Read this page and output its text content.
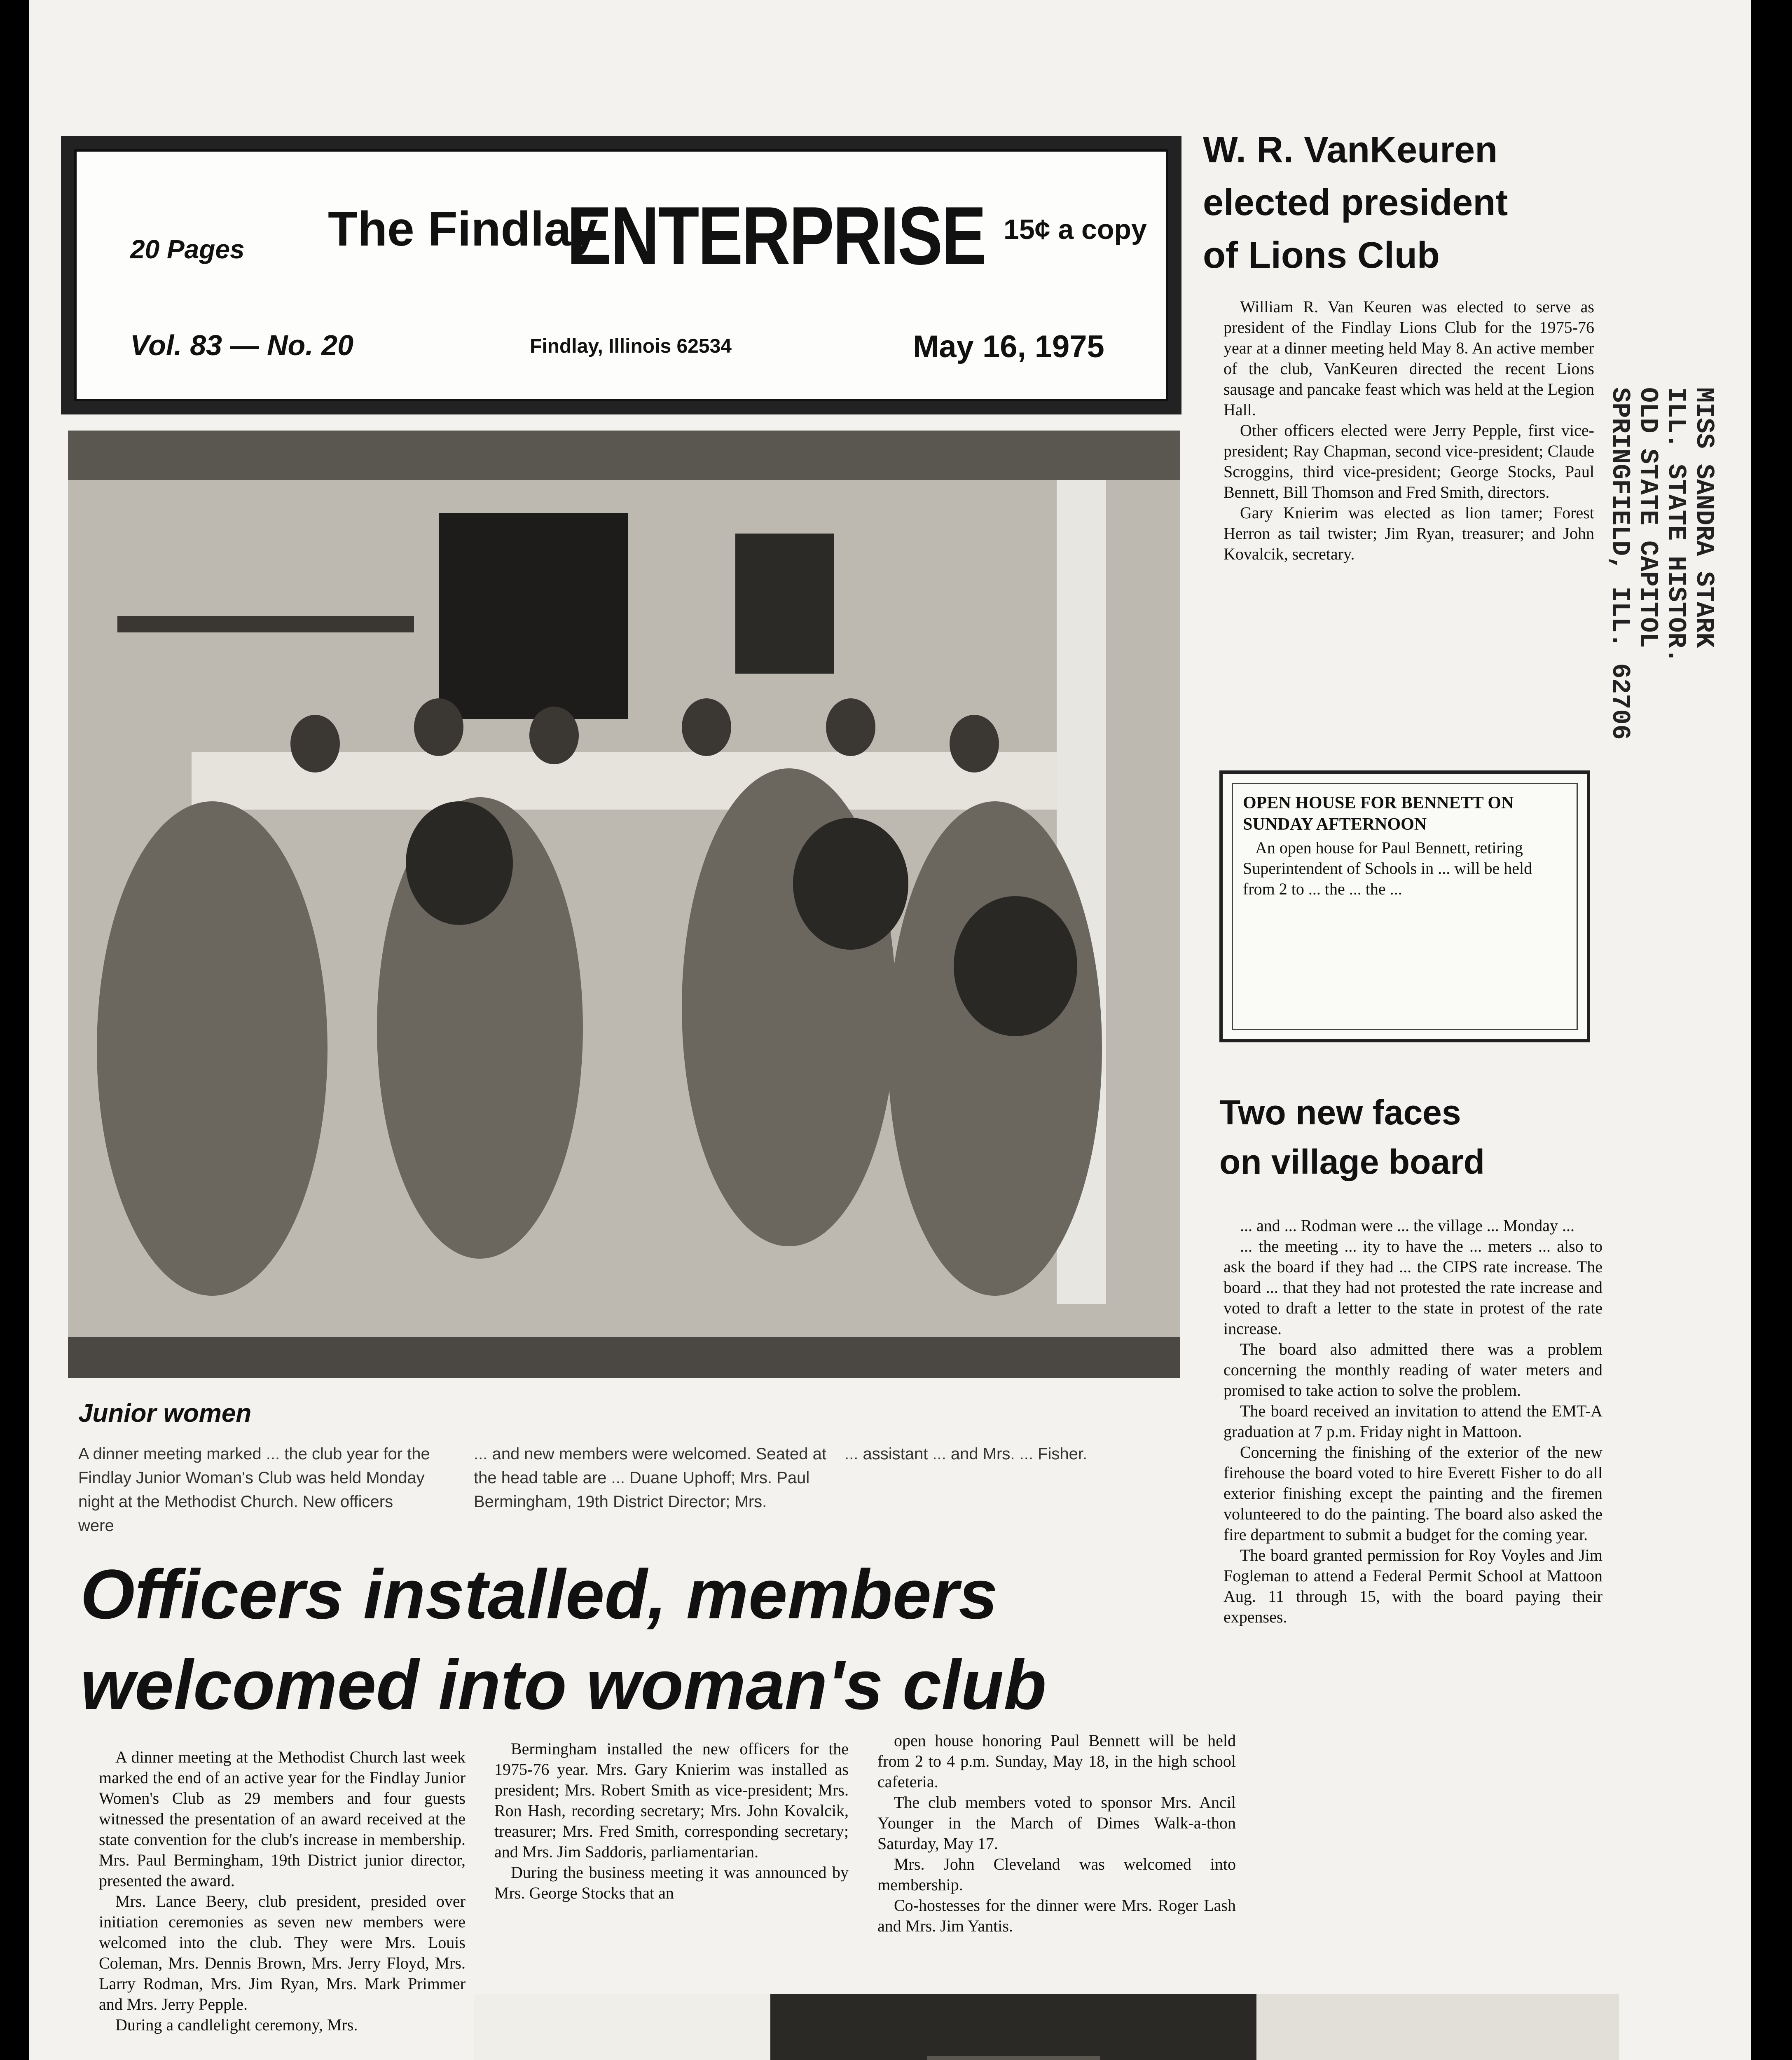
20 Pages The Findlay
ENTERPRISE 15¢ a copy
Vol. 83 — No. 20	Findlay, Illinois 62534	May 16, 1975
W. R. VanKeuren
elected president
of Lions Club

William R. Van Keuren was elected to serve as president of the Findlay Lions Club for the 1975-76 year at a dinner meeting held May 8. An active member of the club, VanKeuren directed the recent Lions sausage and pancake feast which was held at the Legion Hall.

Other officers elected were Jerry Pepple, first vice-president; Ray Chapman, second vice-president; Claude Scroggins, third vice-president; George Stocks, Paul Bennett, Bill Thomson and Fred Smith, directors.

Gary Knierim was elected as lion tamer; Forest Herron as tail twister; Jim Ryan, treasurer; and John Kovalcik, secretary.	MISS SANDRA STARK
ILL. STATE HISTOR.
OLD STATE CAPITOL
SPRINGFIELD, ILL. 62706
Junior women
A dinner meeting marked ... the club year for the Findlay Junior Woman's Club was held Monday night at the Methodist Church. New officers were
... and new members were welcomed. Seated at the head table are ... Duane Uphoff; Mrs. Paul Bermingham, 19th District Director; Mrs.
... assistant ... and Mrs. ... Fisher.
OPEN HOUSE FOR BENNETT ON SUNDAY AFTERNOON
An open house for Paul Bennett, retiring Superintendent of Schools in ... will be held from 2 to ... the ... the ...
Two new faces
on village board

... and ... Rodman were ... the village ... Monday ...

... the meeting ... ity to have the ... meters ... also to ask the board if they had ... the CIPS rate increase. The board ... that they had not protested the rate increase and voted to draft a letter to the state in protest of the rate increase.

The board also admitted there was a problem concerning the monthly reading of water meters and promised to take action to solve the problem.

The board received an invitation to attend the EMT-A graduation at 7 p.m. Friday night in Mattoon.

Concerning the finishing of the exterior of the new firehouse the board voted to hire Everett Fisher to do all exterior finishing except the painting and the firemen volunteered to do the painting. The board also asked the fire department to submit a budget for the coming year.

The board granted permission for Roy Voyles and Jim Fogleman to attend a Federal Permit School at Mattoon Aug. 11 through 15, with the board paying their expenses.

Officers installed, members
welcomed into woman's club

A dinner meeting at the Methodist Church last week marked the end of an active year for the Findlay Junior Women's Club as 29 members and four guests witnessed the presentation of an award received at the state convention for the club's increase in membership. Mrs. Paul Bermingham, 19th District junior director, presented the award.

Mrs. Lance Beery, club president, presided over initiation ceremonies as seven new members were welcomed into the club. They were Mrs. Louis Coleman, Mrs. Dennis Brown, Mrs. Jerry Floyd, Mrs. Larry Rodman, Mrs. Jim Ryan, Mrs. Mark Primmer and Mrs. Jerry Pepple.

During a candlelight ceremony, Mrs.

Bermingham installed the new officers for the 1975-76 year. Mrs. Gary Knierim was installed as president; Mrs. Robert Smith as vice-president; Mrs. Ron Hash, recording secretary; Mrs. John Kovalcik, treasurer; Mrs. Fred Smith, corresponding secretary; and Mrs. Jim Saddoris, parliamentarian.

During the business meeting it was announced by Mrs. George Stocks that an

open house honoring Paul Bennett will be held from 2 to 4 p.m. Sunday, May 18, in the high school cafeteria.

The club members voted to sponsor Mrs. Ancil Younger in the March of Dimes Walk-a-thon Saturday, May 17.

Mrs. John Cleveland was welcomed into membership.

Co-hostesses for the dinner were Mrs. Roger Lash and Mrs. Jim Yantis.
